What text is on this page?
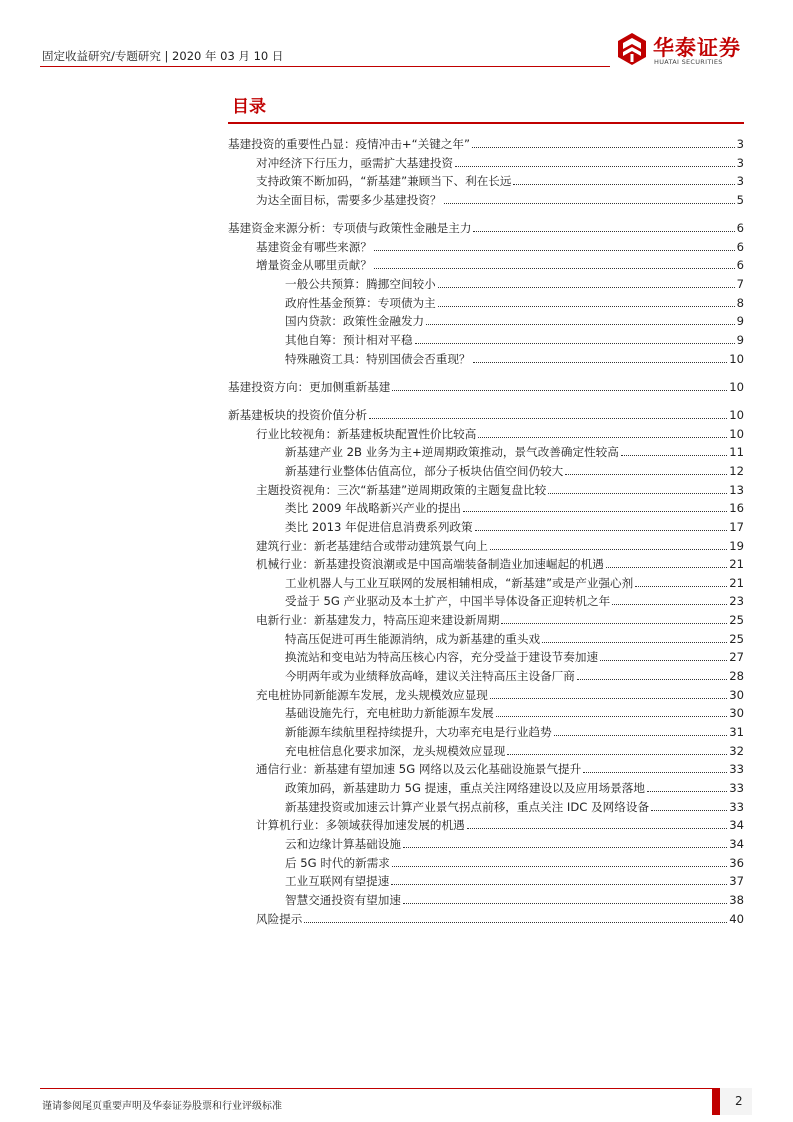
固定收益研究/专题研究 | 2020 年 03 月 10 日	华泰证券
HUATAI SECURITIES
目录
基建投资的重要性凸显：疫情冲击+“关键之年”	3
对冲经济下行压力，亟需扩大基建投资	3
支持政策不断加码，“新基建”兼顾当下、利在长远	3
为达全面目标，需要多少基建投资？	5
基建资金来源分析：专项债与政策性金融是主力	6
基建资金有哪些来源？	6
增量资金从哪里贡献？	6
一般公共预算：腾挪空间较小	7
政府性基金预算：专项债为主	8
国内贷款：政策性金融发力	9
其他自筹：预计相对平稳	9
特殊融资工具：特别国债会否重现？	10
基建投资方向：更加侧重新基建	10
新基建板块的投资价值分析	10
行业比较视角：新基建板块配置性价比较高	10
新基建产业 2B 业务为主+逆周期政策推动，景气改善确定性较高	11
新基建行业整体估值高位，部分子板块估值空间仍较大	12
主题投资视角：三次“新基建”逆周期政策的主题复盘比较	13
类比 2009 年战略新兴产业的提出	16
类比 2013 年促进信息消费系列政策	17
建筑行业：新老基建结合或带动建筑景气向上	19
机械行业：新基建投资浪潮或是中国高端装备制造业加速崛起的机遇	21
工业机器人与工业互联网的发展相辅相成，“新基建”或是产业强心剂	21
受益于 5G 产业驱动及本土扩产，中国半导体设备正迎转机之年	23
电新行业：新基建发力，特高压迎来建设新周期	25
特高压促进可再生能源消纳，成为新基建的重头戏	25
换流站和变电站为特高压核心内容，充分受益于建设节奏加速	27
今明两年或为业绩释放高峰，建议关注特高压主设备厂商	28
充电桩协同新能源车发展，龙头规模效应显现	30
基础设施先行，充电桩助力新能源车发展	30
新能源车续航里程持续提升，大功率充电是行业趋势	31
充电桩信息化要求加深，龙头规模效应显现	32
通信行业：新基建有望加速 5G 网络以及云化基础设施景气提升	33
政策加码，新基建助力 5G 提速，重点关注网络建设以及应用场景落地	33
新基建投资或加速云计算产业景气拐点前移，重点关注 IDC 及网络设备	33
计算机行业：多领域获得加速发展的机遇	34
云和边缘计算基础设施	34
后 5G 时代的新需求	36
工业互联网有望提速	37
智慧交通投资有望加速	38
风险提示	40
谨请参阅尾页重要声明及华泰证券股票和行业评级标准	2
